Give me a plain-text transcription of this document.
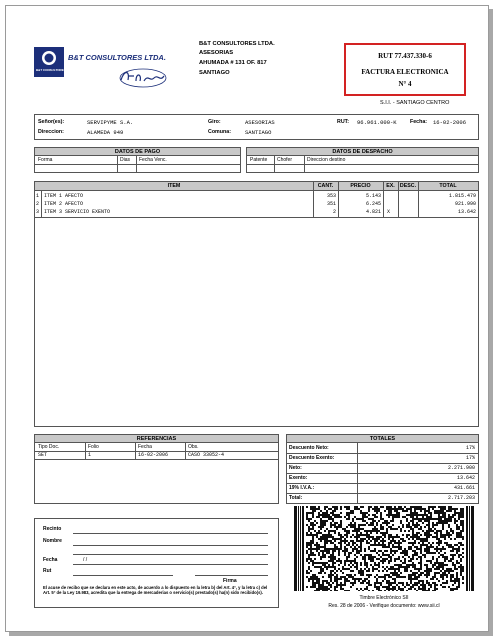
B&T CONSULTORES
B&T CONSULTORES LTDA.
B&T CONSULTORES LTDA.
ASESORIAS
AHUMADA # 131 OF. 817
SANTIAGO
RUT 77.437.330-6
FACTURA ELECTRONICA
N° 4
S.I.I. - SANTIAGO CENTRO
Señor(es):	SERVIPYME S.A.
Direccion:	ALAMEDA 949
Giro:	ASESORIAS
Comuna:	SANTIAGO
RUT: 96.961.000-K	Fecha: 16-02-2006
DATOS DE PAGO
Forma	Dias Fecha Venc.
DATOS DE DESPACHO
Patente Chofer	Direccion destino
ITEM	CANT.	PRECIO	EX. DESC.	TOTAL
1 ITEM 1 AFECTO	353	5.143	1.815.479
2 ITEM 2 AFECTO	351	6.245	921.990
3 ITEM 3 SERVICIO EXENTO	2	4.821 X	13.642
REFERENCIAS
Tipo Doc.	Folio	Fecha	Obs.
SET	1	16-02-2006	CASO 33052-4
TOTALES
Descuento Neto:	17%
Descuento Exento:	17%
Neto:	2.271.900
Exento:	13.642
19% I.V.A.:	431.661
Total:	2.717.203
Recinto
Nombre
Fecha	/ /
Rut
Firma
El acuse de recibo que se declara en este acto, de acuerdo a lo dispuesto en la letra b) del Art. 4°, y la letra c) del Art. 5° de la Ley 19.983, acredita que la entrega de mercaderias o servicio(s) prestado(s) ha(n) sido recibido(s).
Timbre Electrónico SII
Res. 28 de 2006 - Verifique documento: www.sii.cl
